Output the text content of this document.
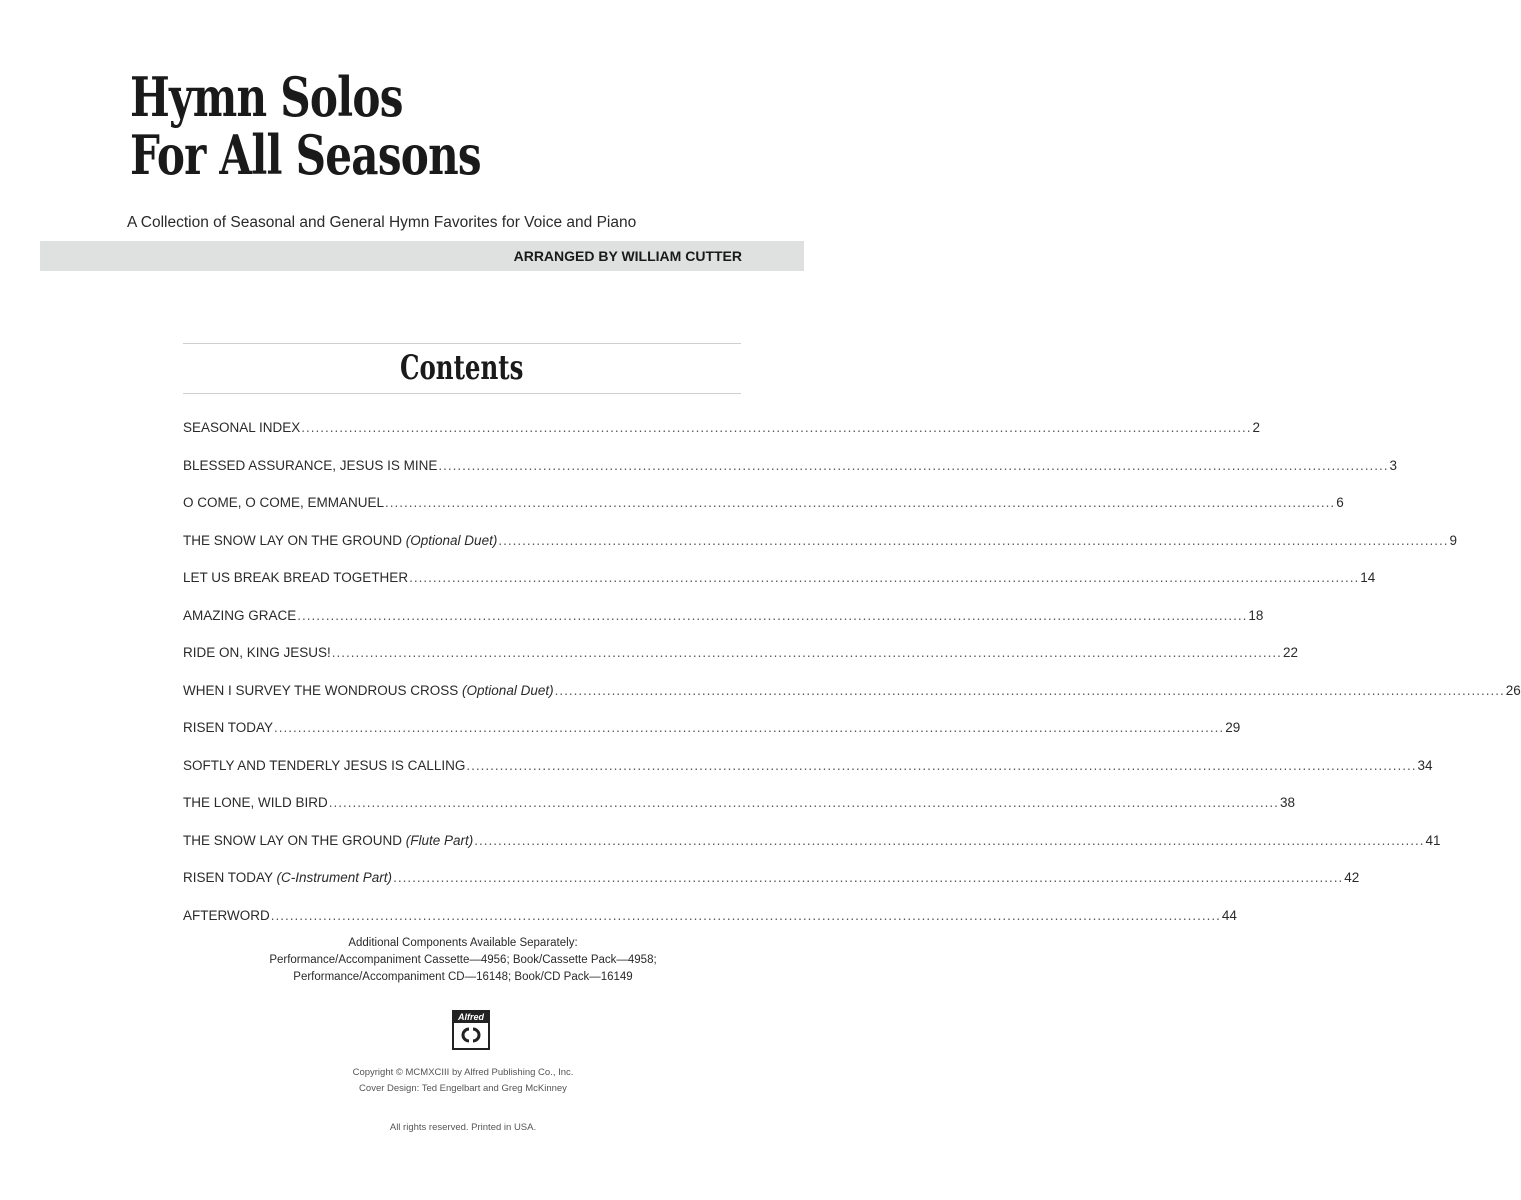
Hymn Solos
For All Seasons
A Collection of Seasonal and General Hymn Favorites for Voice and Piano
ARRANGED BY WILLIAM CUTTER
Contents
SEASONAL INDEX ........................................................................................................................................................................................................ 2
BLESSED ASSURANCE, JESUS IS MINE ........................................................................................................................................................................................................ 3
O COME, O COME, EMMANUEL ........................................................................................................................................................................................................ 6
THE SNOW LAY ON THE GROUND (Optional Duet) ........................................................................................................................................................................................................ 9
LET US BREAK BREAD TOGETHER ........................................................................................................................................................................................................ 14
AMAZING GRACE ........................................................................................................................................................................................................ 18
RIDE ON, KING JESUS! ........................................................................................................................................................................................................ 22
WHEN I SURVEY THE WONDROUS CROSS (Optional Duet) ........................................................................................................................................................................................................ 26
RISEN TODAY ........................................................................................................................................................................................................ 29
SOFTLY AND TENDERLY JESUS IS CALLING ........................................................................................................................................................................................................ 34
THE LONE, WILD BIRD ........................................................................................................................................................................................................ 38
THE SNOW LAY ON THE GROUND (Flute Part) ........................................................................................................................................................................................................ 41
RISEN TODAY (C-Instrument Part) ........................................................................................................................................................................................................ 42
AFTERWORD ........................................................................................................................................................................................................ 44
Additional Components Available Separately:
Performance/Accompaniment Cassette—4956; Book/Cassette Pack—4958;
Performance/Accompaniment CD—16148; Book/CD Pack—16149
Alfred
Copyright © MCMXCIII by Alfred Publishing Co., Inc.
Cover Design: Ted Engelbart and Greg McKinney
All rights reserved. Printed in USA.
